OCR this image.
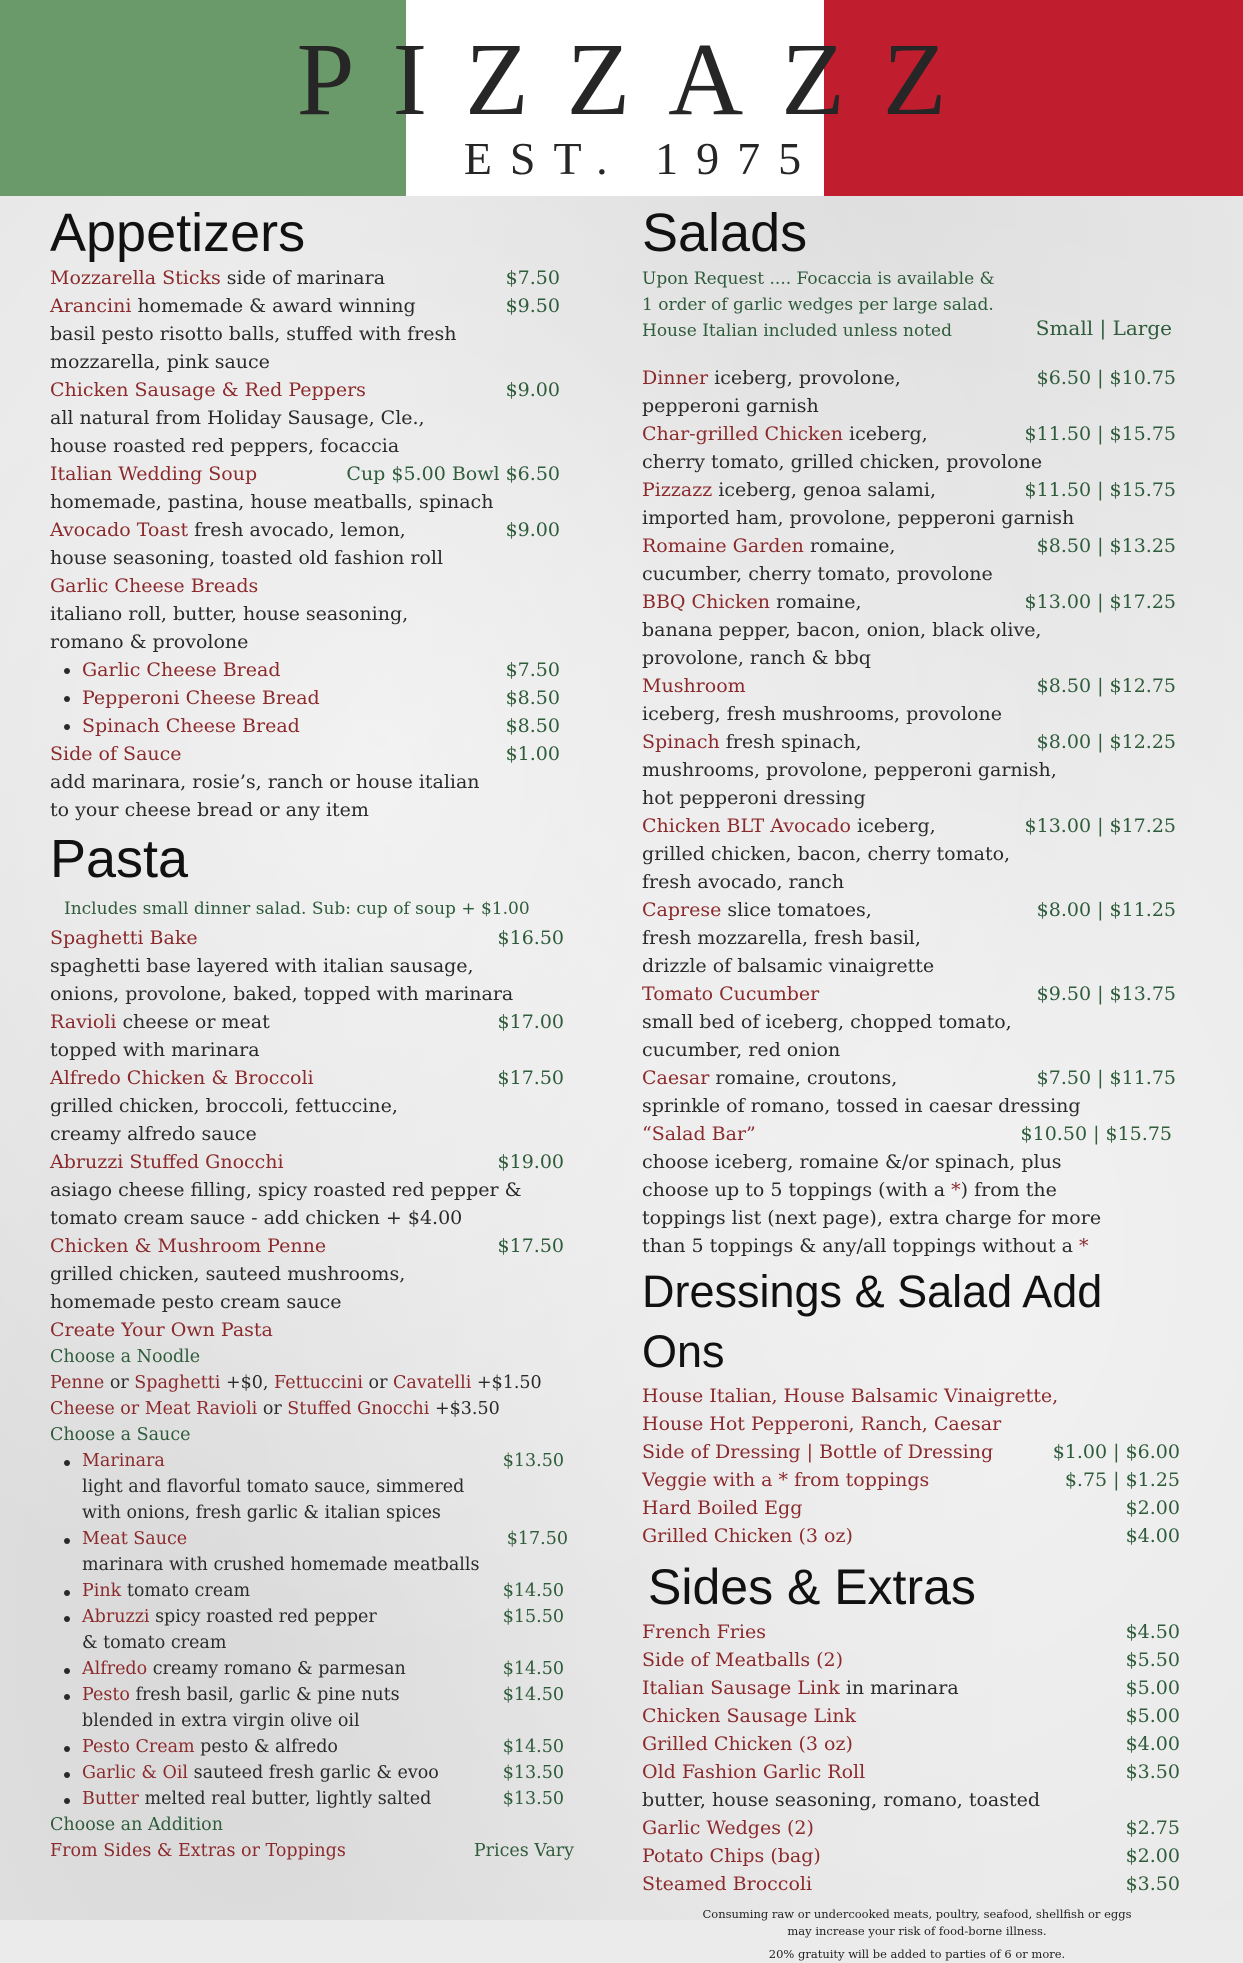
PIZZAZZ
EST. 1975
Appetizers
Mozzarella Sticks side of marinara	$7.50
Arancini homemade & award winning	$9.50
basil pesto risotto balls, stuffed with fresh
mozzarella, pink sauce
Chicken Sausage & Red Peppers	$9.00
all natural from Holiday Sausage, Cle.,
house roasted red peppers, focaccia
Italian Wedding Soup	Cup $5.00 Bowl $6.50
homemade, pastina, house meatballs, spinach
Avocado Toast fresh avocado, lemon,	$9.00
house seasoning, toasted old fashion roll
Garlic Cheese Breads
italiano roll, butter, house seasoning,
romano & provolone
Garlic Cheese Bread	$7.50
Pepperoni Cheese Bread	$8.50
Spinach Cheese Bread	$8.50
Side of Sauce	$1.00
add marinara, rosie’s, ranch or house italian
to your cheese bread or any item
Pasta
Includes small dinner salad. Sub: cup of soup + $1.00
Spaghetti Bake	$16.50
spaghetti base layered with italian sausage,
onions, provolone, baked, topped with marinara
Ravioli cheese or meat	$17.00
topped with marinara
Alfredo Chicken & Broccoli	$17.50
grilled chicken, broccoli, fettuccine,
creamy alfredo sauce
Abruzzi Stuffed Gnocchi	$19.00
asiago cheese filling, spicy roasted red pepper &
tomato cream sauce - add chicken + $4.00
Chicken & Mushroom Penne	$17.50
grilled chicken, sauteed mushrooms,
homemade pesto cream sauce
Create Your Own Pasta
Choose a Noodle
Penne or Spaghetti +$0, Fettuccini or Cavatelli +$1.50
Cheese or Meat Ravioli or Stuffed Gnocchi +$3.50
Choose a Sauce
Marinara	$13.50
light and flavorful tomato sauce, simmered
with onions, fresh garlic & italian spices
Meat Sauce	$17.50
marinara with crushed homemade meatballs
Pink tomato cream	$14.50
Abruzzi spicy roasted red pepper	$15.50
& tomato cream
Alfredo creamy romano & parmesan	$14.50
Pesto fresh basil, garlic & pine nuts	$14.50
blended in extra virgin olive oil
Pesto Cream pesto & alfredo	$14.50
Garlic & Oil sauteed fresh garlic & evoo	$13.50
Butter melted real butter, lightly salted	$13.50
Choose an Addition
From Sides & Extras or Toppings	Prices Vary
Salads
Upon Request .... Focaccia is available &
1 order of garlic wedges per large salad.
House Italian included unless noted	Small | Large
Dinner iceberg, provolone,	$6.50 | $10.75
pepperoni garnish
Char-grilled Chicken iceberg,	$11.50 | $15.75
cherry tomato, grilled chicken, provolone
Pizzazz iceberg, genoa salami,	$11.50 | $15.75
imported ham, provolone, pepperoni garnish
Romaine Garden romaine,	$8.50 | $13.25
cucumber, cherry tomato, provolone
BBQ Chicken romaine,	$13.00 | $17.25
banana pepper, bacon, onion, black olive,
provolone, ranch & bbq
Mushroom	$8.50 | $12.75
iceberg, fresh mushrooms, provolone
Spinach fresh spinach,	$8.00 | $12.25
mushrooms, provolone, pepperoni garnish,
hot pepperoni dressing
Chicken BLT Avocado iceberg,	$13.00 | $17.25
grilled chicken, bacon, cherry tomato,
fresh avocado, ranch
Caprese slice tomatoes,	$8.00 | $11.25
fresh mozzarella, fresh basil,
drizzle of balsamic vinaigrette
Tomato Cucumber	$9.50 | $13.75
small bed of iceberg, chopped tomato,
cucumber, red onion
Caesar romaine, croutons,	$7.50 | $11.75
sprinkle of romano, tossed in caesar dressing
“Salad Bar”	$10.50 | $15.75
choose iceberg, romaine &/or spinach, plus
choose up to 5 toppings (with a *) from the
toppings list (next page), extra charge for more
than 5 toppings & any/all toppings without a *
Dressings & Salad Add Ons
House Italian, House Balsamic Vinaigrette,
House Hot Pepperoni, Ranch, Caesar
Side of Dressing | Bottle of Dressing	$1.00 | $6.00
Veggie with a * from toppings	$.75 | $1.25
Hard Boiled Egg	$2.00
Grilled Chicken (3 oz)	$4.00
Sides & Extras
French Fries	$4.50
Side of Meatballs (2)	$5.50
Italian Sausage Link in marinara	$5.00
Chicken Sausage Link	$5.00
Grilled Chicken (3 oz)	$4.00
Old Fashion Garlic Roll	$3.50
butter, house seasoning, romano, toasted
Garlic Wedges (2)	$2.75
Potato Chips (bag)	$2.00
Steamed Broccoli	$3.50
Consuming raw or undercooked meats, poultry, seafood, shellfish or eggs
may increase your risk of food-borne illness.
20% gratuity will be added to parties of 6 or more.
